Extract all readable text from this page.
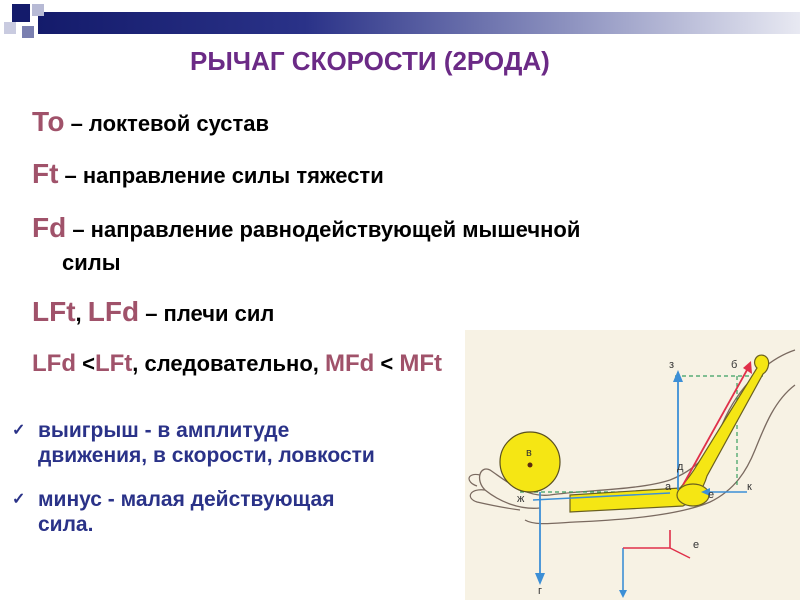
РЫЧАГ СКОРОСТИ (2РОДА)
То – локтевой сустав
Ft – направление силы тяжести
Fd – направление равнодействующей мышечной
силы
LFt, LFd – плечи сил
LFd <LFt, следовательно, MFd < MFt
✓ выигрыш - в амплитуде
движения, в скорости, ловкости
✓ минус - малая действующая
сила.
з	б
в
д
а
е
к
ж
г
е
